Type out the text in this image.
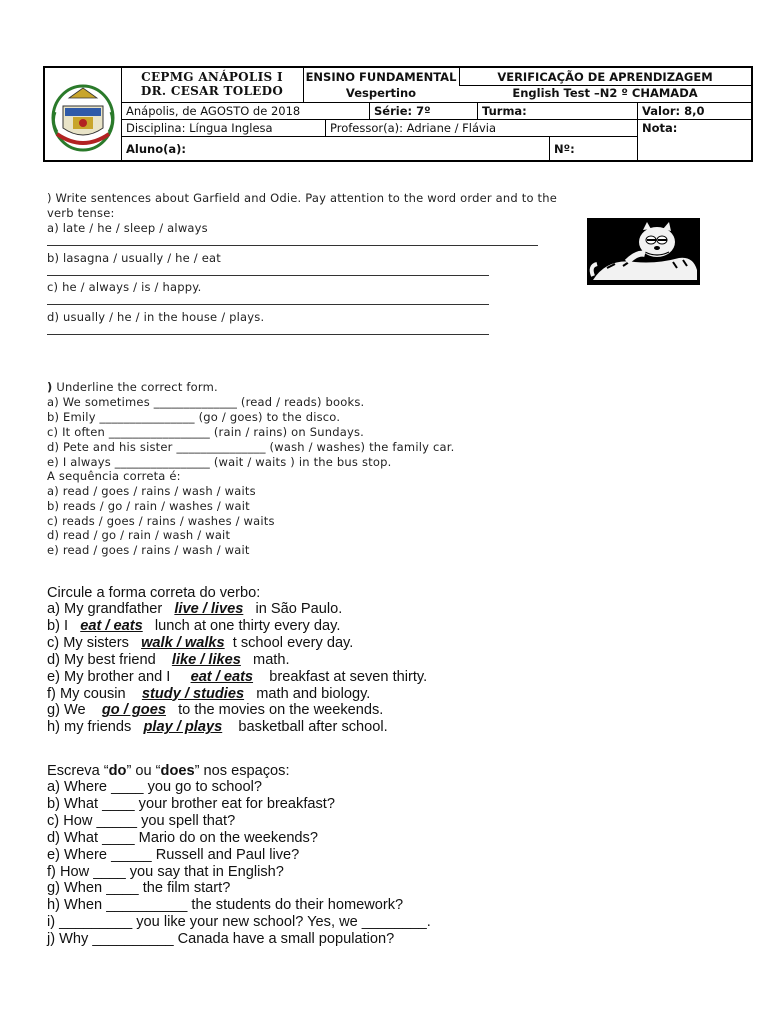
CEPMG ANÁPOLIS I
DR. CESAR TOLEDO
ENSINO FUNDAMENTAL
Vespertino
VERIFICAÇÃO DE APRENDIZAGEM
English Test –N2 º CHAMADA
Anápolis, de AGOSTO de 2018	Série: 7º	Turma:	Valor: 8,0
Disciplina: Língua Inglesa	Professor(a): Adriane / Flávia	Nota:
Aluno(a):	Nº:
) Write sentences about Garfield and Odie. Pay attention to the word order and to the
verb tense:
a) late / he / sleep / always
b) lasagna / usually / he / eat
c) he / always / is / happy.
d) usually / he / in the house / plays.
) Underline the correct form.
a) We sometimes ______________ (read / reads) books.
b) Emily ________________ (go / goes) to the disco.
c) It often _________________ (rain / rains) on Sundays.
d) Pete and his sister _______________ (wash / washes) the family car.
e) I always ________________ (wait / waits ) in the bus stop.
A sequência correta é:
a) read / goes / rains / wash / waits
b) reads / go / rain / washes / wait
c) reads / goes / rains / washes / waits
d) read / go / rain / wash / wait
e) read / goes / rains / wash / wait
Circule a forma correta do verbo:
a) My grandfather   live / lives   in São Paulo.
b) I   eat / eats   lunch at one thirty every day.
c) My sisters   walk / walks  t school every day.
d) My best friend    like / likes   math.
e) My brother and I     eat / eats    breakfast at seven thirty.
f) My cousin    study / studies   math and biology.
g) We    go / goes   to the movies on the weekends.
h) my friends   play / plays    basketball after school.
Escreva “do” ou “does” nos espaços:
a) Where ____ you go to school?
b) What ____ your brother eat for breakfast?
c) How _____ you spell that?
d) What ____ Mario do on the weekends?
e) Where _____ Russell and Paul live?
f) How ____ you say that in English?
g) When ____ the film start?
h) When __________ the students do their homework?
i) _________ you like your new school? Yes, we ________.
j) Why __________ Canada have a small population?
